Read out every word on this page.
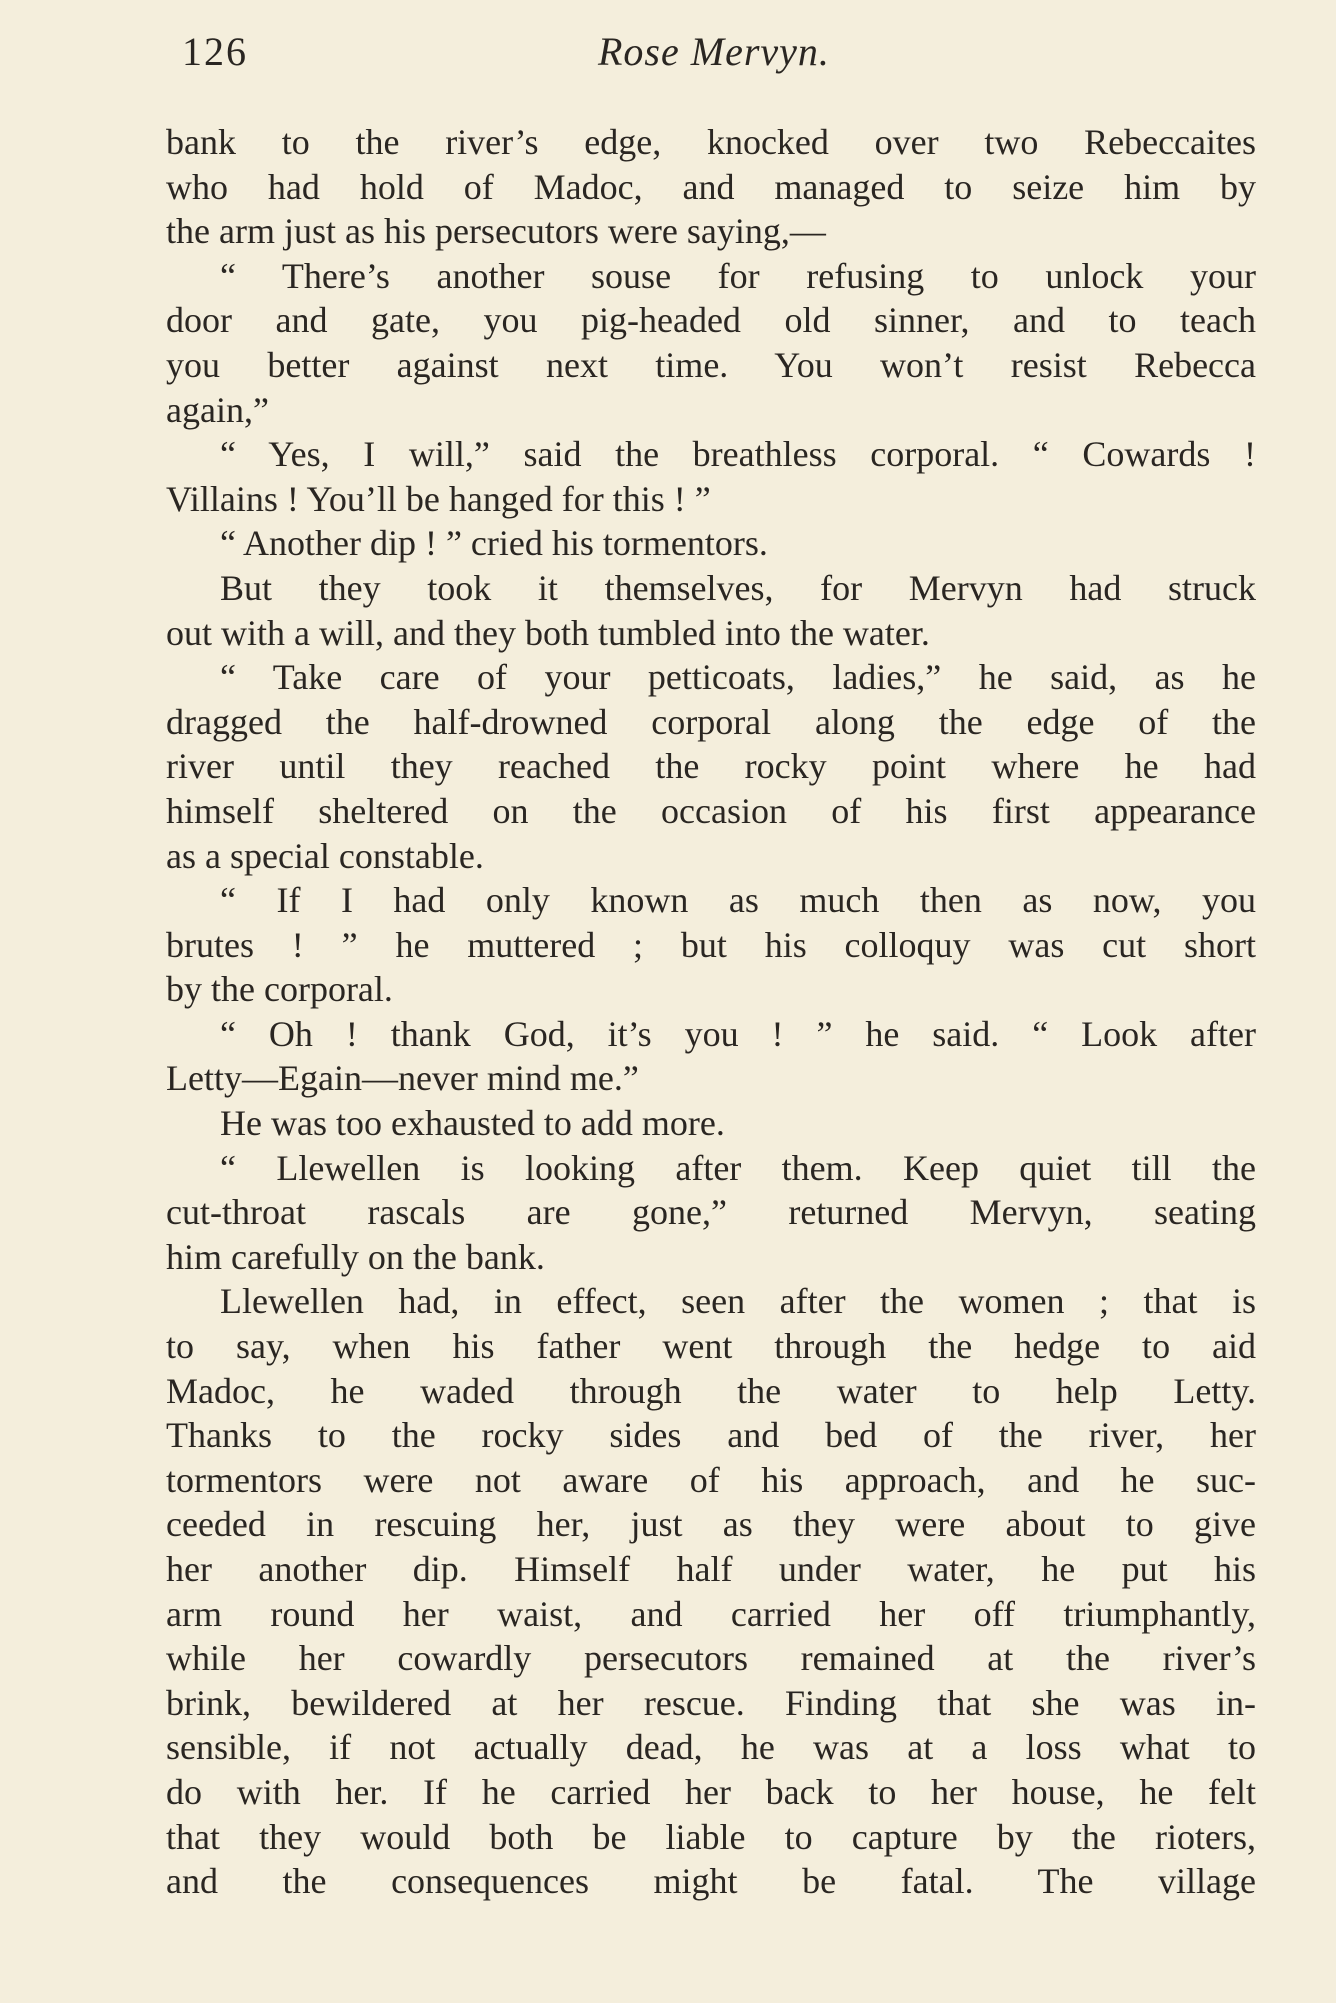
126	Rose Mervyn.
bank to the river’s edge, knocked over two Rebeccaites
who had hold of Madoc, and managed to seize him by
the arm just as his persecutors were saying,—
“ There’s another souse for refusing to unlock your
door and gate, you pig-headed old sinner, and to teach
you better against next time. You won’t resist Rebecca
again,”
“ Yes, I will,” said the breathless corporal. “ Cowards !
Villains ! You’ll be hanged for this ! ”
“ Another dip ! ” cried his tormentors.
But they took it themselves, for Mervyn had struck
out with a will, and they both tumbled into the water.
“ Take care of your petticoats, ladies,” he said, as he
dragged the half-drowned corporal along the edge of the
river until they reached the rocky point where he had
himself sheltered on the occasion of his first appearance
as a special constable.
“ If I had only known as much then as now, you
brutes ! ” he muttered ; but his colloquy was cut short
by the corporal.
“ Oh ! thank God, it’s you ! ” he said. “ Look after
Letty—Egain—never mind me.”
He was too exhausted to add more.
“ Llewellen is looking after them. Keep quiet till the
cut-throat rascals are gone,” returned Mervyn, seating
him carefully on the bank.
Llewellen had, in effect, seen after the women ; that is
to say, when his father went through the hedge to aid
Madoc, he waded through the water to help Letty.
Thanks to the rocky sides and bed of the river, her
tormentors were not aware of his approach, and he suc-
ceeded in rescuing her, just as they were about to give
her another dip. Himself half under water, he put his
arm round her waist, and carried her off triumphantly,
while her cowardly persecutors remained at the river’s
brink, bewildered at her rescue. Finding that she was in-
sensible, if not actually dead, he was at a loss what to
do with her. If he carried her back to her house, he felt
that they would both be liable to capture by the rioters,
and the consequences might be fatal. The village
